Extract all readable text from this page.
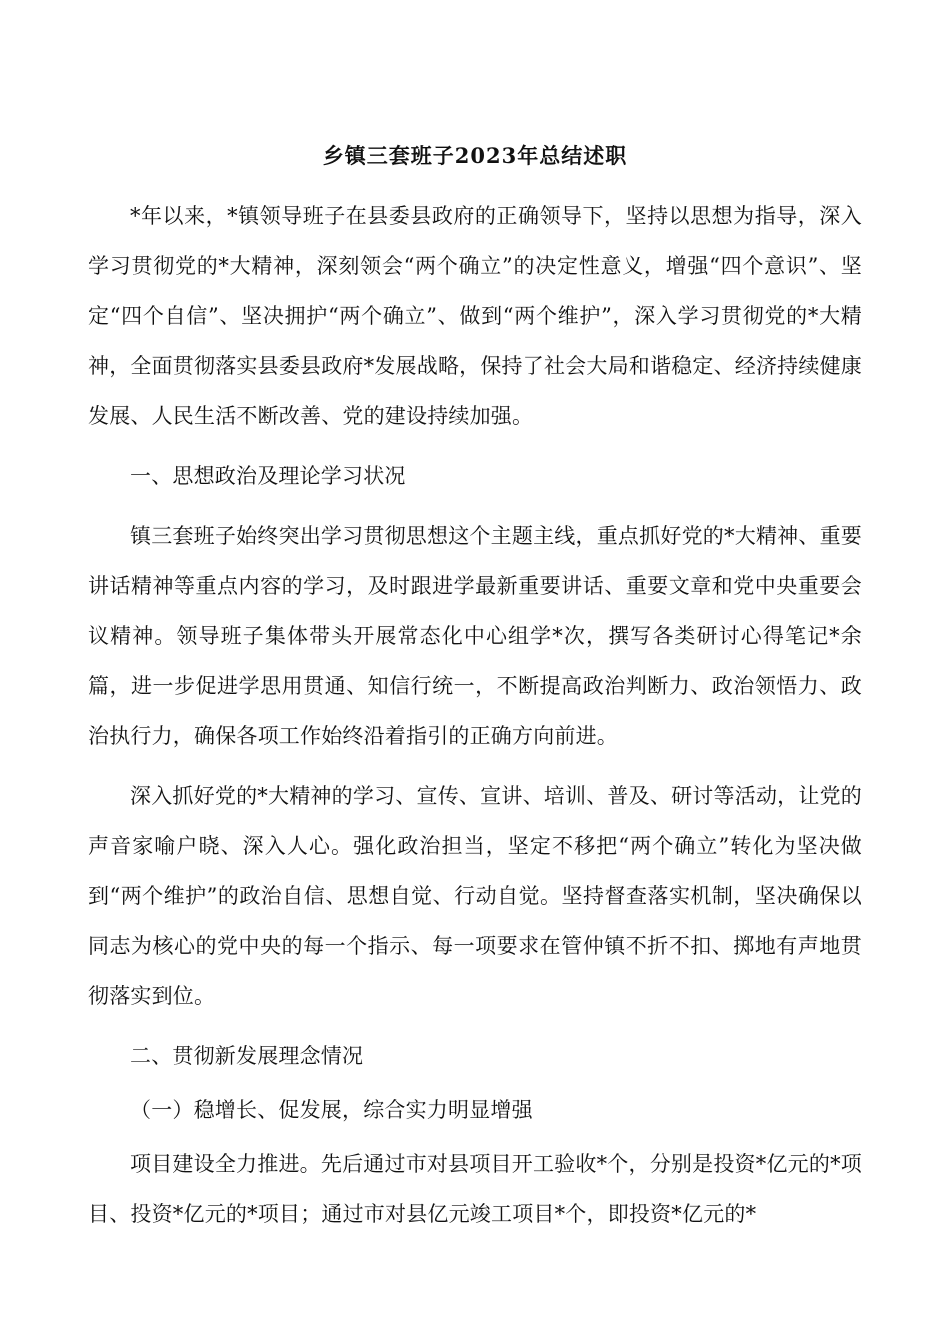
乡镇三套班子2023年总结述职

*年以来，*镇领导班子在县委县政府的正确领导下，坚持以思想为指导，深入学习贯彻党的*大精神，深刻领会“两个确立”的决定性意义，增强“四个意识”、坚定“四个自信”、坚决拥护“两个确立”、做到“两个维护”，深入学习贯彻党的*大精神，全面贯彻落实县委县政府*发展战略，保持了社会大局和谐稳定、经济持续健康发展、人民生活不断改善、党的建设持续加强。

一、思想政治及理论学习状况

镇三套班子始终突出学习贯彻思想这个主题主线，重点抓好党的*大精神、重要讲话精神等重点内容的学习，及时跟进学最新重要讲话、重要文章和党中央重要会议精神。领导班子集体带头开展常态化中心组学*次，撰写各类研讨心得笔记*余篇，进一步促进学思用贯通、知信行统一，不断提高政治判断力、政治领悟力、政治执行力，确保各项工作始终沿着指引的正确方向前进。

深入抓好党的*大精神的学习、宣传、宣讲、培训、普及、研讨等活动，让党的声音家喻户晓、深入人心。强化政治担当，坚定不移把“两个确立”转化为坚决做到“两个维护”的政治自信、思想自觉、行动自觉。坚持督查落实机制，坚决确保以同志为核心的党中央的每一个指示、每一项要求在管仲镇不折不扣、掷地有声地贯彻落实到位。

二、贯彻新发展理念情况

（一）稳增长、促发展，综合实力明显增强

项目建设全力推进。先后通过市对县项目开工验收*个，分别是投资*亿元的*项目、投资*亿元的*项目；通过市对县亿元竣工项目*个，即投资*亿元的*
